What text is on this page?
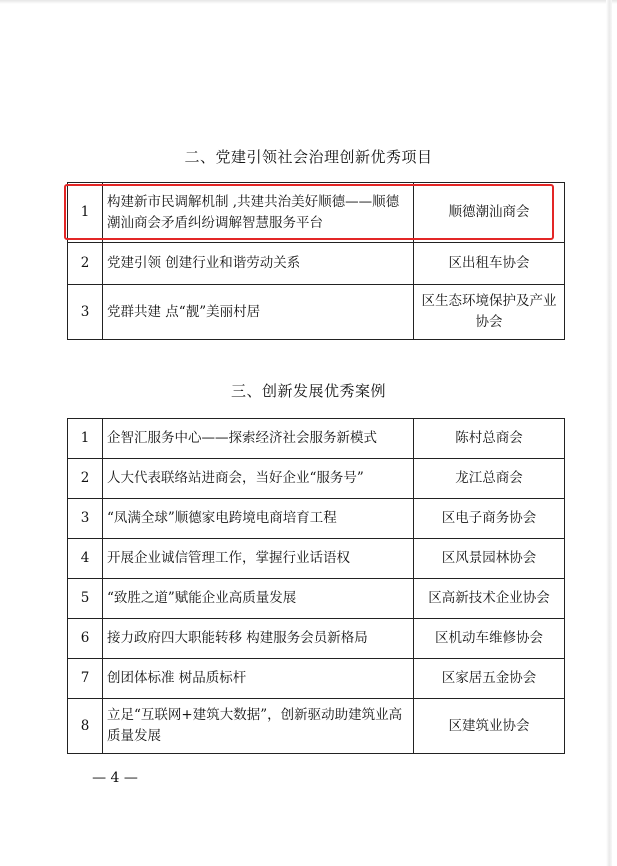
二、党建引领社会治理创新优秀项目
1	构建新市民调解机制 ,共建共治美好顺德——顺德潮汕商会矛盾纠纷调解智慧服务平台	顺德潮汕商会
2	党建引领 创建行业和谐劳动关系	区出租车协会
3	党群共建 点“靓”美丽村居	区生态环境保护及产业协会
三、创新发展优秀案例
1	企智汇服务中心——探索经济社会服务新模式	陈村总商会
2	人大代表联络站进商会，当好企业“服务号”	龙江总商会
3	“凤满全球”顺德家电跨境电商培育工程	区电子商务协会
4	开展企业诚信管理工作，掌握行业话语权	区风景园林协会
5	“致胜之道”赋能企业高质量发展	区高新技术企业协会
6	接力政府四大职能转移 构建服务会员新格局	区机动车维修协会
7	创团体标准 树品质标杆	区家居五金协会
8	立足“互联网+建筑大数据”，创新驱动助建筑业高质量发展	区建筑业协会
— 4 —
